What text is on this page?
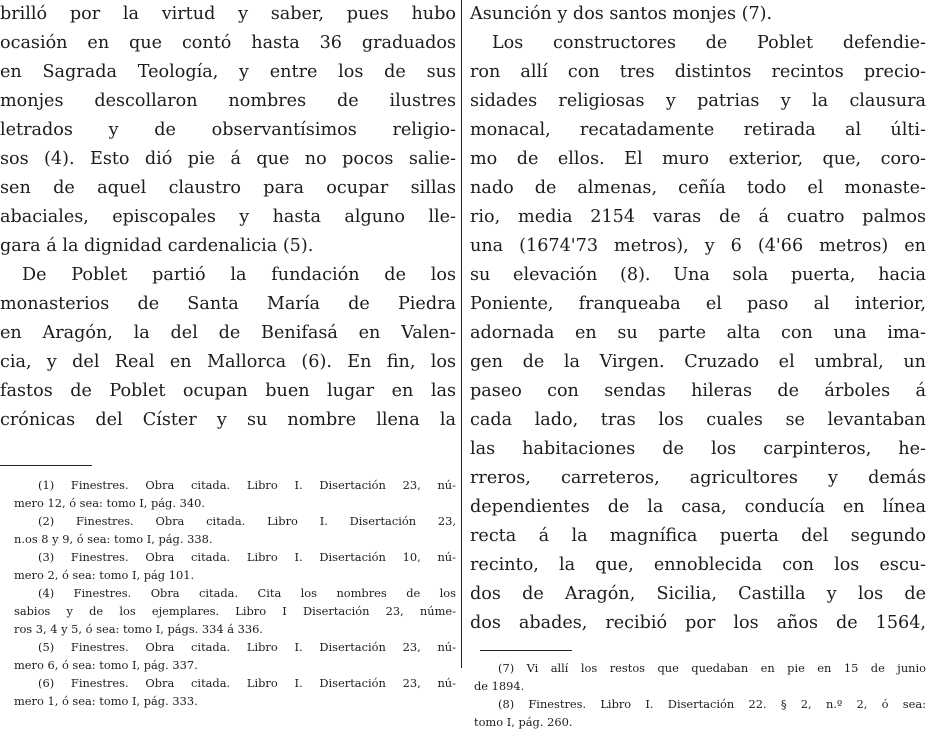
brilló por la virtud y saber, pues hubo
ocasión en que contó hasta 36 graduados
en Sagrada Teología, y entre los de sus
monjes descollaron nombres de ilustres
letrados y de observantísimos religio-
sos (4). Esto dió pie á que no pocos salie-
sen de aquel claustro para ocupar sillas
abaciales, episcopales y hasta alguno lle-
gara á la dignidad cardenalicia (5).
De Poblet partió la fundación de los
monasterios de Santa María de Piedra
en Aragón, la del de Benifasá en Valen-
cia, y del Real en Mallorca (6). En fin, los
fastos de Poblet ocupan buen lugar en las
crónicas del Císter y su nombre llena la
(1) Finestres. Obra citada. Libro I. Disertación 23, nú-
mero 12, ó sea: tomo I, pág. 340.
(2) Finestres. Obra citada. Libro I. Disertación 23,
n.os 8 y 9, ó sea: tomo I, pág. 338.
(3) Finestres. Obra citada. Libro I. Disertación 10, nú-
mero 2, ó sea: tomo I, pág 101.
(4) Finestres. Obra citada. Cita los nombres de los
sabios y de los ejemplares. Libro I Disertación 23, núme-
ros 3, 4 y 5, ó sea: tomo I, págs. 334 á 336.
(5) Finestres. Obra citada. Libro I. Disertación 23, nú-
mero 6, ó sea: tomo I, pág. 337.
(6) Finestres. Obra citada. Libro I. Disertación 23, nú-
mero 1, ó sea: tomo I, pág. 333.
Asunción y dos santos monjes (7).
Los constructores de Poblet defendie-
ron allí con tres distintos recintos precio-
sidades religiosas y patrias y la clausura
monacal, recatadamente retirada al últi-
mo de ellos. El muro exterior, que, coro-
nado de almenas, ceñía todo el monaste-
rio, media 2154 varas de á cuatro palmos
una (1674'73 metros), y 6 (4'66 metros) en
su elevación (8). Una sola puerta, hacia
Poniente, franqueaba el paso al interior,
adornada en su parte alta con una ima-
gen de la Virgen. Cruzado el umbral, un
paseo con sendas hileras de árboles á
cada lado, tras los cuales se levantaban
las habitaciones de los carpinteros, he-
rreros, carreteros, agricultores y demás
dependientes de la casa, conducía en línea
recta á la magnífica puerta del segundo
recinto, la que, ennoblecida con los escu-
dos de Aragón, Sicilia, Castilla y los de
dos abades, recibió por los años de 1564,
(7) Vi allí los restos que quedaban en pie en 15 de junio
de 1894.
(8) Finestres. Libro I. Disertación 22. § 2, n.º 2, ó sea:
tomo I, pág. 260.
